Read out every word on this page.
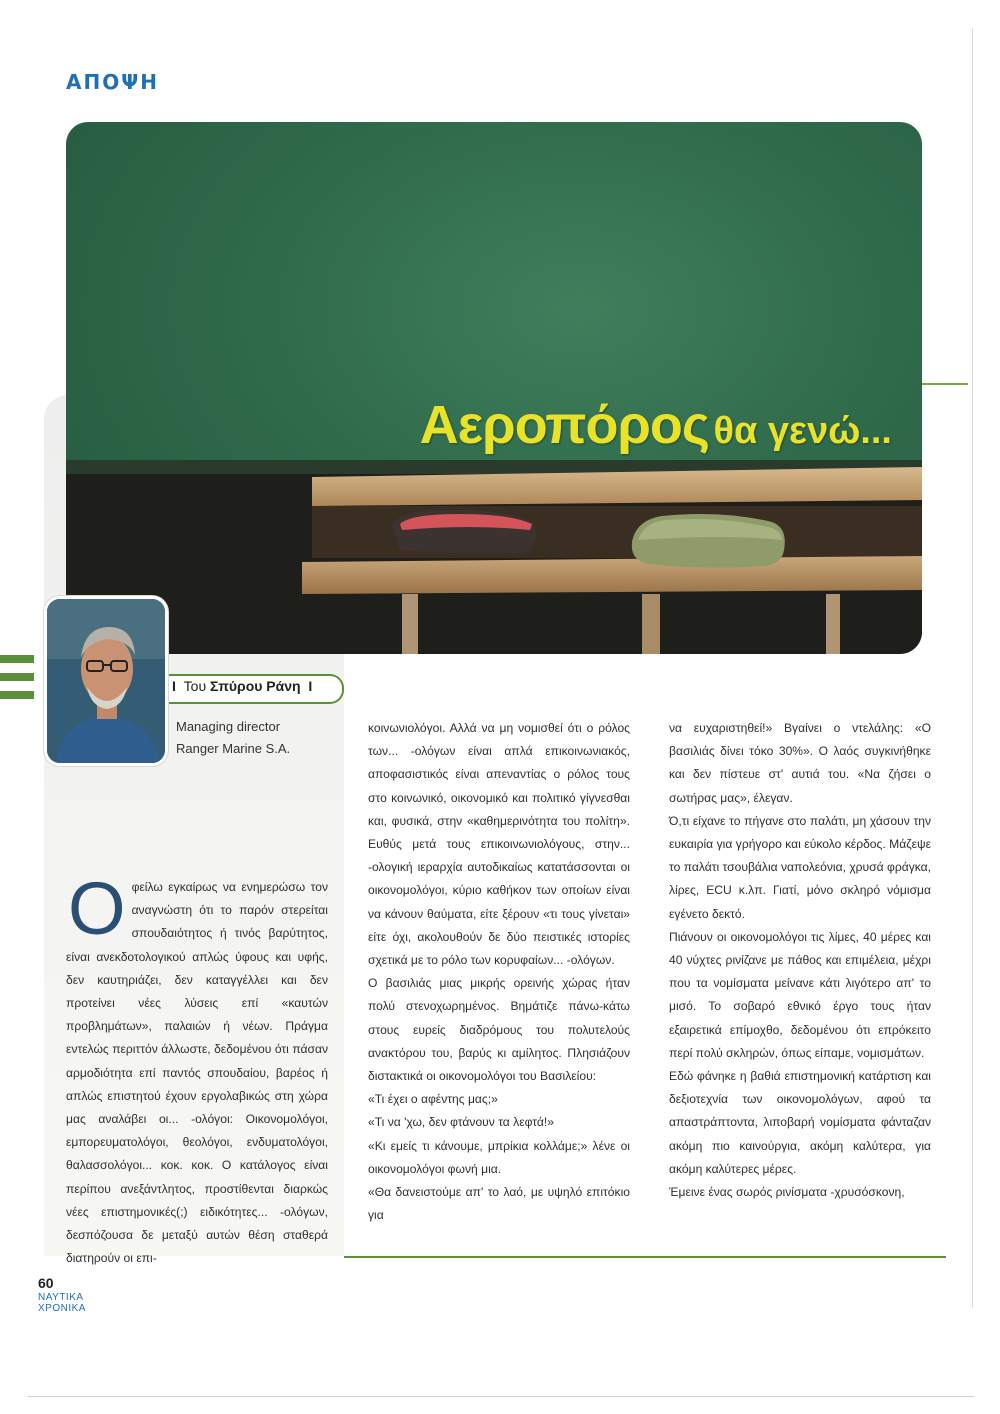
ΑΠΟΨΗ
Αεροπόρος θα γενώ...
I Του Σπύρου Ράνη I
Managing director
Ranger Marine S.A.
Ο φείλω εγκαίρως να ενημερώσω τον αναγνώστη ότι το παρόν στερείται σπουδαιότητος ή τινός βαρύτητος, είναι ανεκδοτολογικού απλώς ύφους και υφής, δεν καυτηριάζει, δεν καταγγέλλει και δεν προτείνει νέες λύσεις επί «καυτών προβλημάτων», παλαιών ή νέων. Πράγμα εντελώς περιττόν άλλωστε, δεδομένου ότι πάσαν αρμοδιότητα επί παντός σπουδαίου, βαρέος ή απλώς επιστητού έχουν εργολαβικώς στη χώρα μας αναλάβει οι... -ολόγοι: Οικονομολόγοι, εμπορευματολόγοι, θεολόγοι, ενδυματολόγοι, θαλασσολόγοι... κοκ. κοκ. Ο κατάλογος είναι περίπου ανεξάντλητος, προστίθενται διαρκώς νέες επιστημονικές(;) ειδικότητες... -ολόγων, δεσπόζουσα δε μεταξύ αυτών θέση σταθερά διατηρούν οι επι-

κοινωνιολόγοι. Αλλά να μη νομισθεί ότι ο ρόλος των... -ολόγων είναι απλά επικοινωνιακός, αποφασιστικός είναι απεναντίας ο ρόλος τους στο κοινωνικό, οικονομικό και πολιτικό γίγνεσθαι και, φυσικά, στην «καθημερινότητα του πολίτη». Ευθύς μετά τους επικοινωνιολόγους, στην... -ολογική ιεραρχία αυτοδικαίως κατατάσσονται οι οικονομολόγοι, κύριο καθήκον των οποίων είναι να κάνουν θαύματα, είτε ξέρουν «τι τους γίνεται» είτε όχι, ακολουθούν δε δύο πειστικές ιστορίες σχετικά με το ρόλο των κορυφαίων... -ολόγων.

Ο βασιλιάς μιας μικρής ορεινής χώρας ήταν πολύ στενοχωρημένος. Βημάτιζε πάνω-κάτω στους ευρείς διαδρόμους του πολυτελούς ανακτόρου του, βαρύς κι αμίλητος. Πλησιάζουν διστακτικά οι οικονομολόγοι του Βασιλείου:

«Τι έχει ο αφέντης μας;»

«Τι να 'χω, δεν φτάνουν τα λεφτά!»

«Κι εμείς τι κάνουμε, μπρίκια κολλάμε;» λένε οι οικονομολόγοι φωνή μια.

«Θα δανειστούμε απ' το λαό, με υψηλό επιτόκιο για

να ευχαριστηθεί!» Βγαίνει ο ντελάλης: «Ο βασιλιάς δίνει τόκο 30%». Ο λαός συγκινήθηκε και δεν πίστευε στ' αυτιά του. «Να ζήσει ο σωτήρας μας», έλεγαν.

Ό,τι είχανε το πήγανε στο παλάτι, μη χάσουν την ευκαιρία για γρήγορο και εύκολο κέρδος. Μάζεψε το παλάτι τσουβάλια ναπολεόνια, χρυσά φράγκα, λίρες, ECU κ.λπ. Γιατί, μόνο σκληρό νόμισμα εγένετο δεκτό.

Πιάνουν οι οικονομολόγοι τις λίμες, 40 μέρες και 40 νύχτες ρινίζανε με πάθος και επιμέλεια, μέχρι που τα νομίσματα μείνανε κάτι λιγότερο απ' το μισό. Το σοβαρό εθνικό έργο τους ήταν εξαιρετικά επίμοχθο, δεδομένου ότι επρόκειτο περί πολύ σκληρών, όπως είπαμε, νομισμάτων.

Εδώ φάνηκε η βαθιά επιστημονική κατάρτιση και δεξιοτεχνία των οικονομολόγων, αφού τα απαστράπτοντα, λιποβαρή νομίσματα φάνταζαν ακόμη πιο καινούργια, ακόμη καλύτερα, για ακόμη καλύτερες μέρες.

Έμεινε ένας σωρός ρινίσματα -χρυσόσκονη,

60
ΝΑΥΤΙΚΑ
ΧΡΟΝΙΚΑ
